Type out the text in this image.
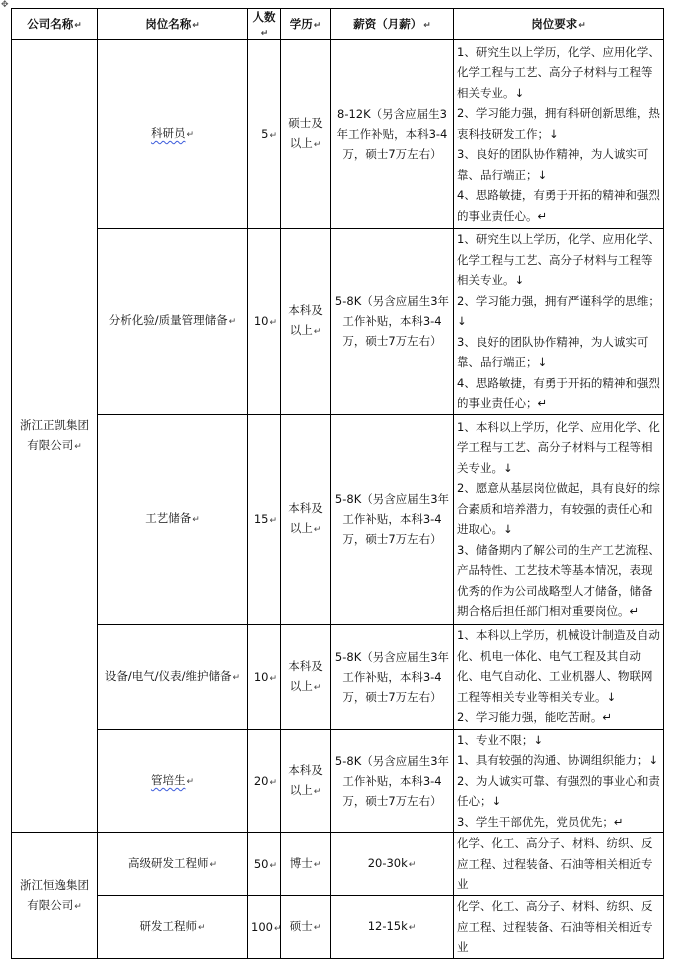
✥
公司名称↵	岗位名称↵	人数↵	学历↵	薪资（月薪）↵	岗位要求↵
浙江正凯集团有限公司↵	科研员↵	5↵	硕士及以上↵	8-12K（另含应届生3年工作补贴，本科3-4万，硕士7万左右）	1、研究生以上学历，化学、应用化学、化学工程与工艺、高分子材料与工程等相关专业。↓
2、学习能力强，拥有科研创新思维，热衷科技研发工作；↓
3、良好的团队协作精神，为人诚实可靠、品行端正；↓
4、思路敏捷，有勇于开拓的精神和强烈的事业责任心。↵

	分析化验/质量管理储备↵	10↵	本科及以上↵	5-8K（另含应届生3年工作补贴，本科3-4万，硕士7万左右）	1、研究生以上学历，化学、应用化学、化学工程与工艺、高分子材料与工程等相关专业。↓
2、学习能力强，拥有严谨科学的思维；↓
3、良好的团队协作精神，为人诚实可靠、品行端正；↓
4、思路敏捷，有勇于开拓的精神和强烈的事业责任心；↵

	工艺储备↵	15↵	本科及以上↵	5-8K（另含应届生3年工作补贴，本科3-4万，硕士7万左右）	1、本科以上学历，化学、应用化学、化学工程与工艺、高分子材料与工程等相关专业。↓
2、愿意从基层岗位做起，具有良好的综合素质和培养潜力，有较强的责任心和进取心。↓
3、储备期内了解公司的生产工艺流程、产品特性、工艺技术等基本情况，表现优秀的作为公司战略型人才储备，储备期合格后担任部门相对重要岗位。↵

	设备/电气/仪表/维护储备↵	10↵	本科及以上↵	5-8K（另含应届生3年工作补贴，本科3-4万，硕士7万左右）	1、本科以上学历，机械设计制造及自动化、机电一体化、电气工程及其自动化、电气自动化、工业机器人、物联网工程等相关专业等相关专业。↓
2、学习能力强，能吃苦耐。↵

	管培生↵	20↵	本科及以上↵	5-8K（另含应届生3年工作补贴，本科3-4万，硕士7万左右）	1、专业不限；↓
1、具有较强的沟通、协调组织能力；↓
2、为人诚实可靠、有强烈的事业心和责任心；↓
3、学生干部优先，党员优先；↵

浙江恒逸集团有限公司↵	高级研发工程师↵	50↵	博士↵	20-30k↵	化学、化工、高分子、材料、纺织、反应工程、过程装备、石油等相关相近专业

	研发工程师↵	100↵	硕士↵	12-15k↵	化学、化工、高分子、材料、纺织、反应工程、过程装备、石油等相关相近专业
